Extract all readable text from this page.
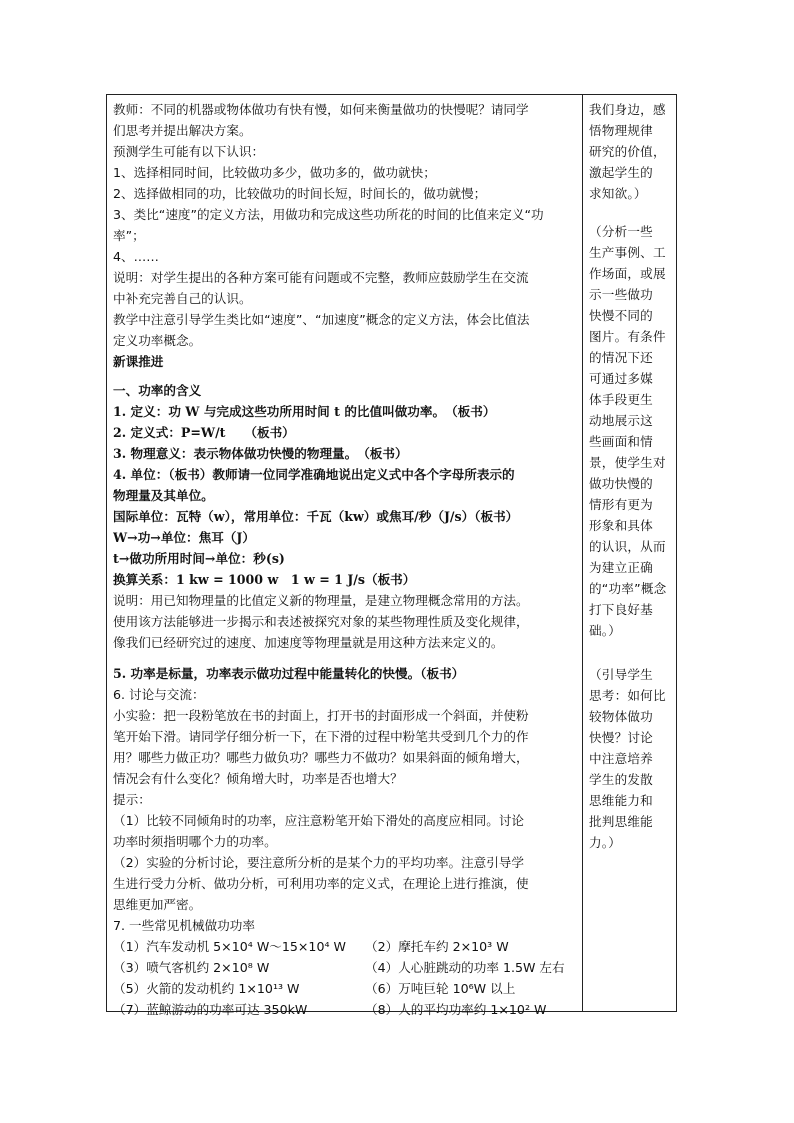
教师：不同的机器或物体做功有快有慢，如何来衡量做功的快慢呢？请同学
们思考并提出解决方案。
预测学生可能有以下认识：
1、选择相同时间，比较做功多少，做功多的，做功就快；
2、选择做相同的功，比较做功的时间长短，时间长的，做功就慢；
3、类比“速度”的定义方法，用做功和完成这些功所花的时间的比值来定义“功
率”；
4、……
说明：对学生提出的各种方案可能有问题或不完整，教师应鼓励学生在交流
中补充完善自己的认识。
教学中注意引导学生类比如“速度”、“加速度”概念的定义方法，体会比值法
定义功率概念。
新课推进
一、功率的含义
1. 定义：功 W 与完成这些功所用时间 t 的比值叫做功率。　（板书）
2. 定义式：P=W/t　　（板书）
3. 物理意义：表示物体做功快慢的物理量。　（板书）
4. 单位：（板书）教师请一位同学准确地说出定义式中各个字母所表示的
物理量及其单位。
国际单位：瓦特（w），常用单位：千瓦（kw）或焦耳/秒（J/s）（板书）
W→功→单位：焦耳（J）
t→做功所用时间→单位：秒(s)
换算关系：1 kw = 1000 w　1 w = 1 J/s（板书）
说明：用已知物理量的比值定义新的物理量，是建立物理概念常用的方法。
使用该方法能够进一步揭示和表述被探究对象的某些物理性质及变化规律，
像我们已经研究过的速度、加速度等物理量就是用这种方法来定义的。
5. 功率是标量，功率表示做功过程中能量转化的快慢。（板书）
6. 讨论与交流：
小实验：把一段粉笔放在书的封面上，打开书的封面形成一个斜面，并使粉
笔开始下滑。请同学仔细分析一下，在下滑的过程中粉笔共受到几个力的作
用？哪些力做正功？哪些力做负功？哪些力不做功？如果斜面的倾角增大，
情况会有什么变化？倾角增大时，功率是否也增大？
提示：
（1）比较不同倾角时的功率，应注意粉笔开始下滑处的高度应相同。讨论
功率时须指明哪个力的功率。
（2）实验的分析讨论，要注意所分析的是某个力的平均功率。注意引导学
生进行受力分析、做功分析，可利用功率的定义式，在理论上进行推演，使
思维更加严密。
7. 一些常见机械做功功率
（1）汽车发动机 5×10⁴ W～15×10⁴ W	（2）摩托车约 2×10³ W
（3）喷气客机约 2×10⁸ W	（4）人心脏跳动的功率 1.5W 左右
（5）火箭的发动机约 1×10¹³ W	（6）万吨巨轮 10⁶W 以上
（7）蓝鲸游动的功率可达 350kW	（8）人的平均功率约 1×10² W
我们身边，感
悟物理规律
研究的价值，
激起学生的
求知欲。）
（分析一些
生产事例、工
作场面，或展
示一些做功
快慢不同的
图片。有条件
的情况下还
可通过多媒
体手段更生
动地展示这
些画面和情
景，使学生对
做功快慢的
情形有更为
形象和具体
的认识，从而
为建立正确
的“功率”概念
打下良好基
础。）
（引导学生
思考：如何比
较物体做功
快慢？讨论
中注意培养
学生的发散
思维能力和
批判思维能
力。）
